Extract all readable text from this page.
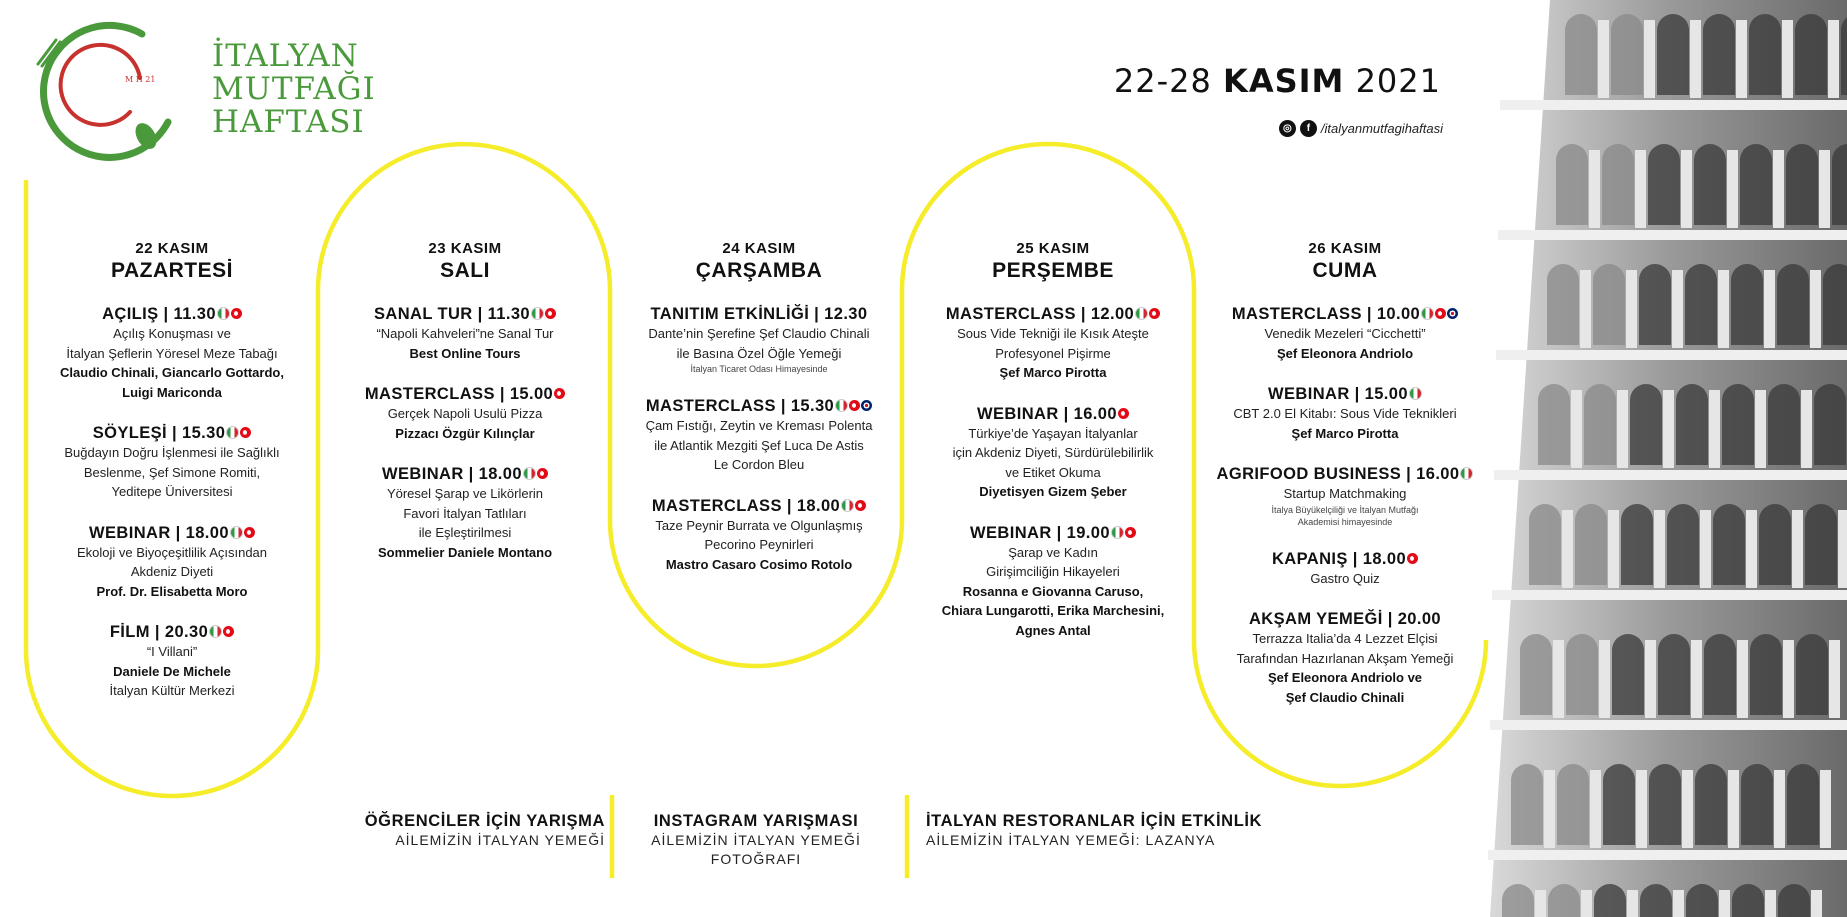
M H 21
İTALYAN
MUTFAĞI
HAFTASI
22-28 KASIM 2021
◎	f /italyanmutfagihaftasi
22 KASIM
PAZARTESİ
AÇILIŞ | 11.30
Açılış Konuşması ve
İtalyan Şeflerin Yöresel Meze Tabağı
Claudio Chinali, Giancarlo Gottardo,
Luigi Mariconda
SÖYLEŞİ | 15.30
Buğdayın Doğru İşlenmesi ile Sağlıklı
Beslenme, Şef Simone Romiti,
Yeditepe Üniversitesi
WEBINAR | 18.00
Ekoloji ve Biyoçeşitlilik Açısından
Akdeniz Diyeti
Prof. Dr. Elisabetta Moro
FİLM | 20.30
“I Villani”
Daniele De Michele
İtalyan Kültür Merkezi
23 KASIM
SALI
SANAL TUR | 11.30
“Napoli Kahveleri”ne Sanal Tur
Best Online Tours
MASTERCLASS | 15.00
Gerçek Napoli Usulü Pizza
Pizzacı Özgür Kılınçlar
WEBINAR | 18.00
Yöresel Şarap ve Likörlerin
Favori İtalyan Tatlıları
ile Eşleştirilmesi
Sommelier Daniele Montano
24 KASIM
ÇARŞAMBA
TANITIM ETKİNLİĞİ | 12.30
Dante’nin Şerefine Şef Claudio Chinali
ile Basına Özel Öğle Yemeği
İtalyan Ticaret Odası Himayesinde
MASTERCLASS | 15.30
Çam Fıstığı, Zeytin ve Kreması Polenta
ile Atlantik Mezgiti Şef Luca De Astis
Le Cordon Bleu
MASTERCLASS | 18.00
Taze Peynir Burrata ve Olgunlaşmış
Pecorino Peynirleri
Mastro Casaro Cosimo Rotolo
25 KASIM
PERŞEMBE
MASTERCLASS | 12.00
Sous Vide Tekniği ile Kısık Ateşte
Profesyonel Pişirme
Şef Marco Pirotta
WEBINAR | 16.00
Türkiye’de Yaşayan İtalyanlar
için Akdeniz Diyeti, Sürdürülebilirlik
ve Etiket Okuma
Diyetisyen Gizem Şeber
WEBINAR | 19.00
Şarap ve Kadın
Girişimciliğin Hikayeleri
Rosanna e Giovanna Caruso,
Chiara Lungarotti, Erika Marchesini,
Agnes Antal
26 KASIM
CUMA
MASTERCLASS | 10.00
Venedik Mezeleri “Cicchetti”
Şef Eleonora Andriolo
WEBINAR | 15.00
CBT 2.0 El Kitabı: Sous Vide Teknikleri
Şef Marco Pirotta
AGRIFOOD BUSINESS | 16.00
Startup Matchmaking
İtalya Büyükelçiliği ve İtalyan Mutfağı
Akademisi himayesinde
KAPANIŞ | 18.00
Gastro Quiz
AKŞAM YEMEĞİ | 20.00
Terrazza Italia’da 4 Lezzet Elçisi
Tarafından Hazırlanan Akşam Yemeği
Şef Eleonora Andriolo ve
Şef Claudio Chinali
ÖĞRENCİLER İÇİN YARIŞMA
AİLEMİZİN İTALYAN YEMEĞİ
INSTAGRAM YARIŞMASI
AİLEMİZİN İTALYAN YEMEĞİ
FOTOĞRAFI
İTALYAN RESTORANLAR İÇİN ETKİNLİK
AİLEMİZİN İTALYAN YEMEĞİ: LAZANYA
